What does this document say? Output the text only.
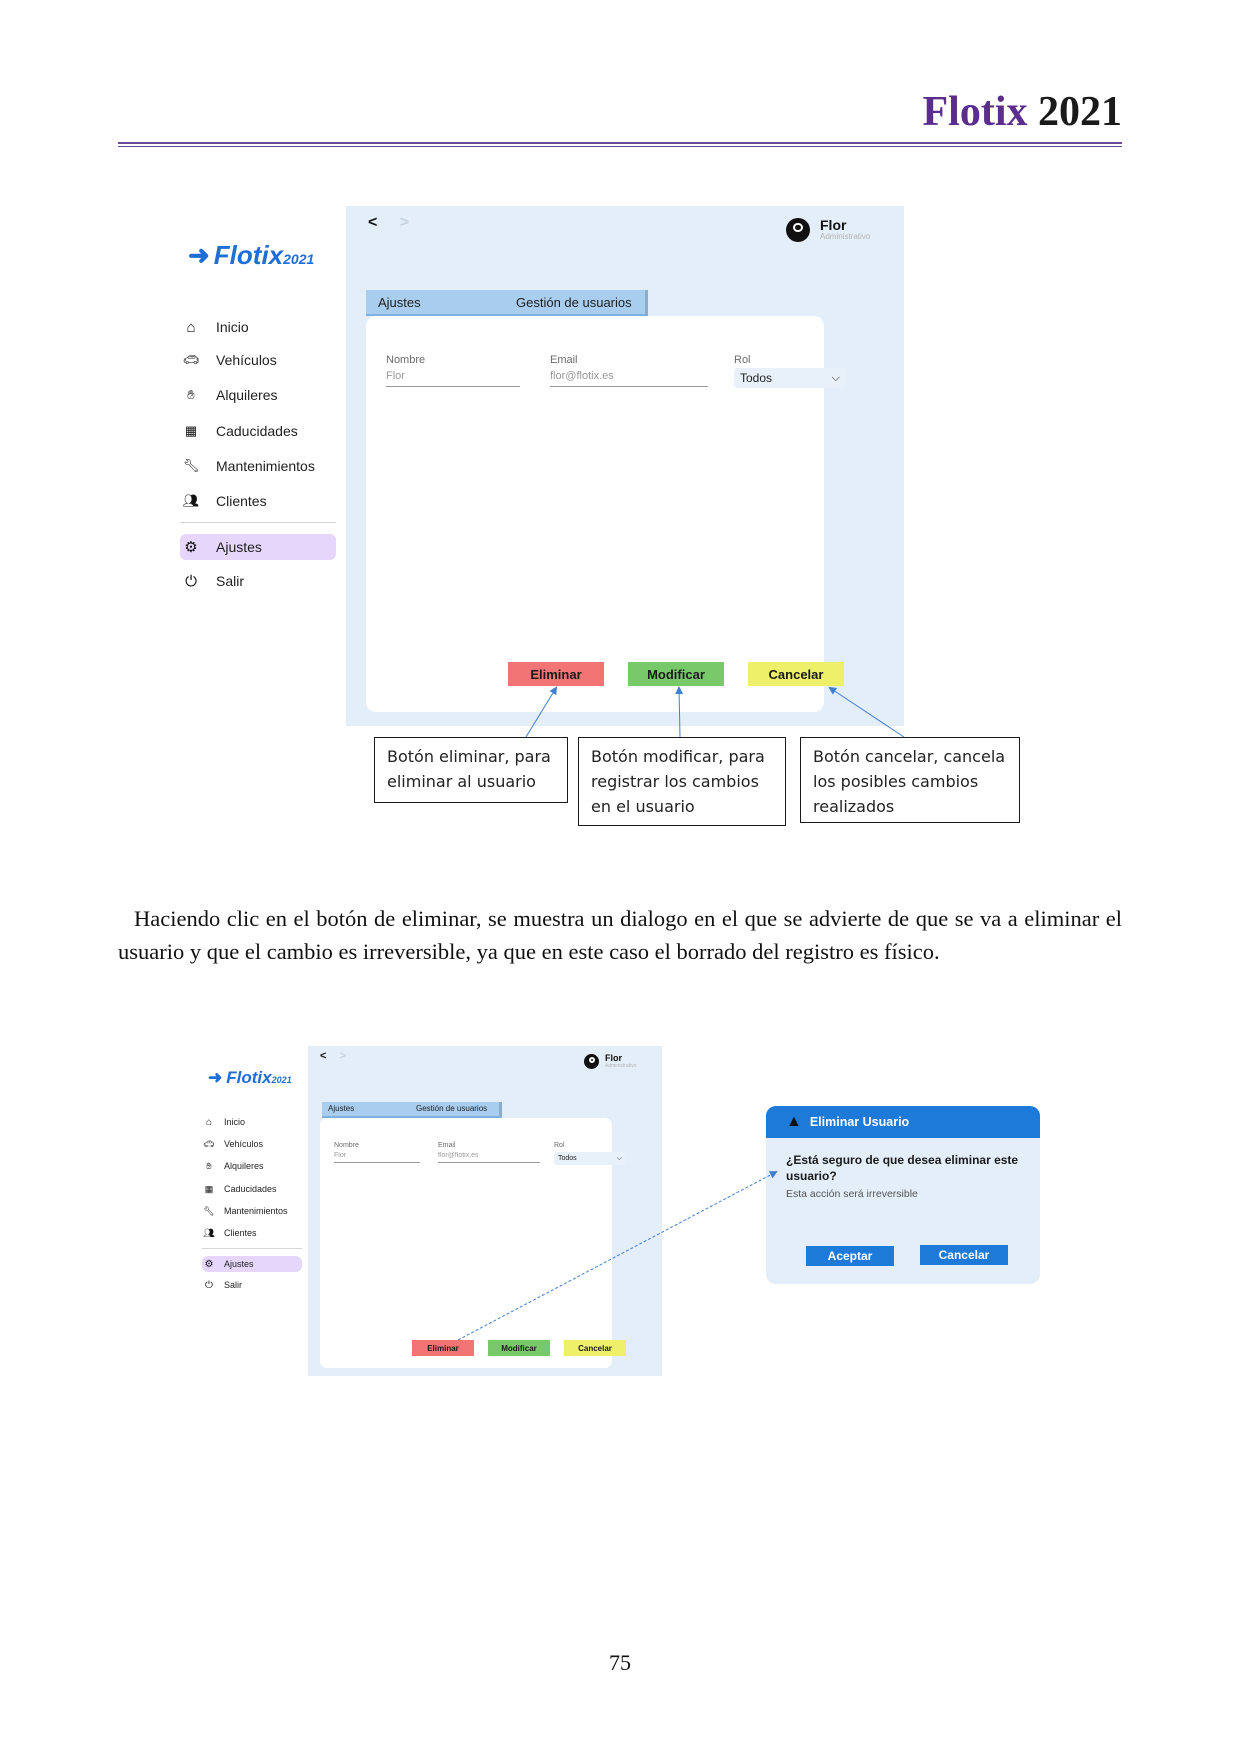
Flotix 2021
➜ Flotix 2021
⌂	Inicio
🚗︎ Vehículos
✋︎	Alquileres
▦	Caducidades
🔧︎ Mantenimientos
👥︎ Clientes
⚙	Ajustes
⏻	Salir
< >	Flor
Administrativo
Ajustes	Gestión de usuarios
Nombre
Flor
Email
flor@flotix.es
Rol
Todos	⌵
Eliminar	Modificar	Cancelar
Botón eliminar, para eliminar al usuario
Botón modificar, para registrar los cambios en el usuario
Botón cancelar, cancela los posibles cambios realizados
Haciendo clic en el botón de eliminar, se muestra un dialogo en el que se advierte de que se va a eliminar el usuario y que el cambio es irreversible, ya que en este caso el borrado del registro es físico.
➜ Flotix 2021
⌂	Inicio
🚗︎ Vehículos
✋︎	Alquileres
▦	Caducidades
🔧︎ Mantenimientos
👥︎ Clientes
⚙ Ajustes
⏻	Salir
< >	Flor
Administrativo
Ajustes	Gestión de usuarios
Nombre
Flor
Email
flor@flotix.es
Rol
Todos	⌵
Eliminar	Modificar	Cancelar
▲ Eliminar Usuario
¿Está seguro de que desea eliminar este usuario?
Esta acción será irreversible
Aceptar	Cancelar
75
